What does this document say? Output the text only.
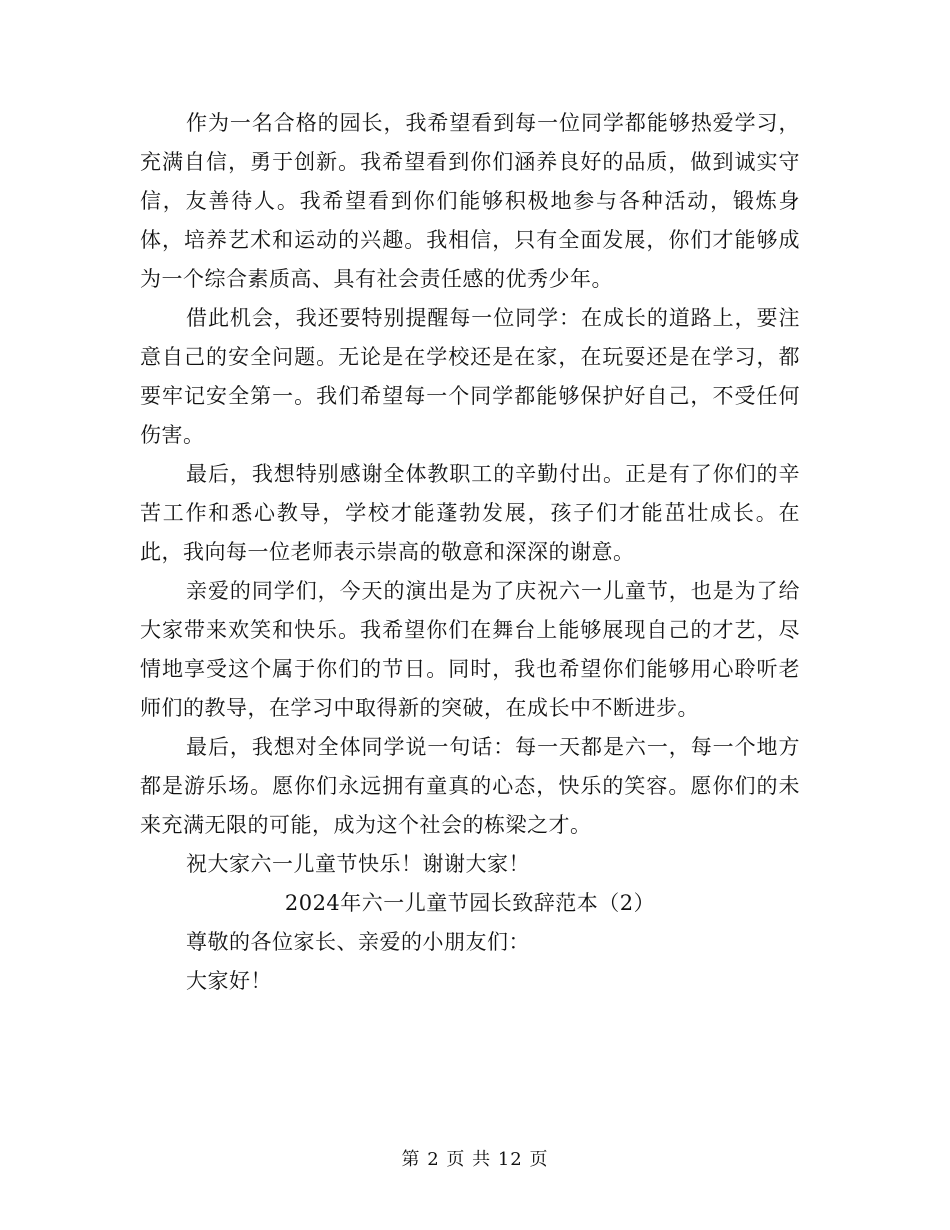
作为一名合格的园长，我希望看到每一位同学都能够热爱学习，充满自信，勇于创新。我希望看到你们涵养良好的品质，做到诚实守信，友善待人。我希望看到你们能够积极地参与各种活动，锻炼身体，培养艺术和运动的兴趣。我相信，只有全面发展，你们才能够成为一个综合素质高、具有社会责任感的优秀少年。

借此机会，我还要特别提醒每一位同学：在成长的道路上，要注意自己的安全问题。无论是在学校还是在家，在玩耍还是在学习，都要牢记安全第一。我们希望每一个同学都能够保护好自己，不受任何伤害。

最后，我想特别感谢全体教职工的辛勤付出。正是有了你们的辛苦工作和悉心教导，学校才能蓬勃发展，孩子们才能茁壮成长。在此，我向每一位老师表示崇高的敬意和深深的谢意。

亲爱的同学们，今天的演出是为了庆祝六一儿童节，也是为了给大家带来欢笑和快乐。我希望你们在舞台上能够展现自己的才艺，尽情地享受这个属于你们的节日。同时，我也希望你们能够用心聆听老师们的教导，在学习中取得新的突破，在成长中不断进步。

最后，我想对全体同学说一句话：每一天都是六一，每一个地方都是游乐场。愿你们永远拥有童真的心态，快乐的笑容。愿你们的未来充满无限的可能，成为这个社会的栋梁之才。

祝大家六一儿童节快乐！谢谢大家！

2024年六一儿童节园长致辞范本（2）

尊敬的各位家长、亲爱的小朋友们：

大家好！

第 2 页 共 12 页
